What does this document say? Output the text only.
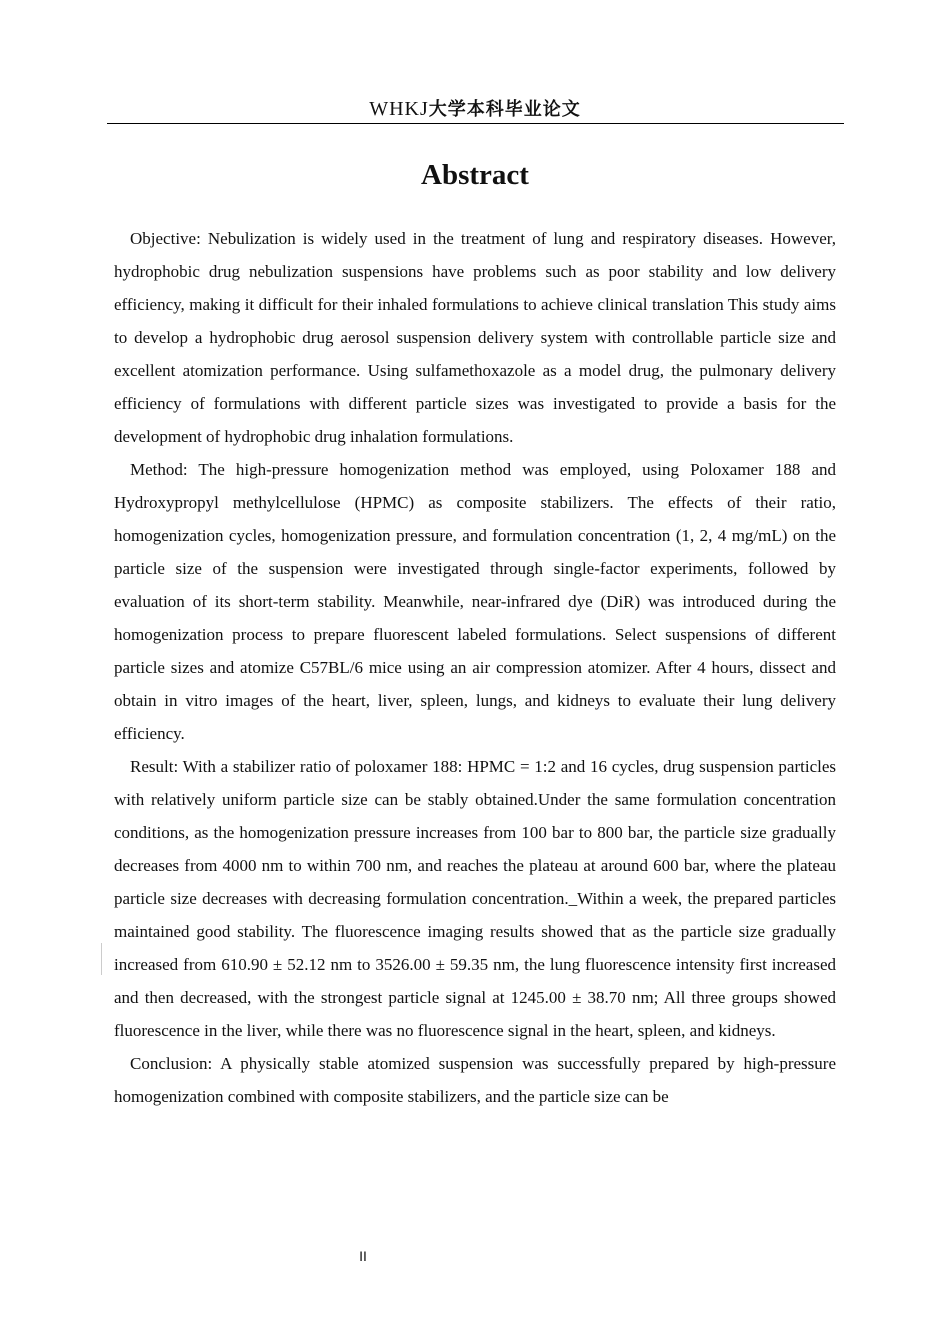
WHKJ大学本科毕业论文
Abstract

Objective: Nebulization is widely used in the treatment of lung and respiratory diseases. However, hydrophobic drug nebulization suspensions have problems such as poor stability and low delivery efficiency, making it difficult for their inhaled formulations to achieve clinical translation This study aims to develop a hydrophobic drug aerosol suspension delivery system with controllable particle size and excellent atomization performance. Using sulfamethoxazole as a model drug, the pulmonary delivery efficiency of formulations with different particle sizes was investigated to provide a basis for the development of hydrophobic drug inhalation formulations.

Method: The high-pressure homogenization method was employed, using Poloxamer 188 and Hydroxypropyl methylcellulose (HPMC) as composite stabilizers. The effects of their ratio, homogenization cycles, homogenization pressure, and formulation concentration (1, 2, 4 mg/mL) on the particle size of the suspension were investigated through single-factor experiments, followed by evaluation of its short-term stability. Meanwhile, near-infrared dye (DiR) was introduced during the homogenization process to prepare fluorescent labeled formulations. Select suspensions of different particle sizes and atomize C57BL/6 mice using an air compression atomizer. After 4 hours, dissect and obtain in vitro images of the heart, liver, spleen, lungs, and kidneys to evaluate their lung delivery efficiency.

Result: With a stabilizer ratio of poloxamer 188: HPMC = 1:2 and 16 cycles, drug suspension particles with relatively uniform particle size can be stably obtained.Under the same formulation concentration conditions, as the homogenization pressure increases from 100 bar to 800 bar, the particle size gradually decreases from 4000 nm to within 700 nm, and reaches the plateau at around 600 bar, where the plateau particle size decreases with decreasing formulation concentration._Within a week, the prepared particles maintained good stability. The fluorescence imaging results showed that as the particle size gradually increased from 610.90 ± 52.12 nm to 3526.00 ± 59.35 nm, the lung fluorescence intensity first increased and then decreased, with the strongest particle signal at 1245.00 ± 38.70 nm; All three groups showed fluorescence in the liver, while there was no fluorescence signal in the heart, spleen, and kidneys.

Conclusion: A physically stable atomized suspension was successfully prepared by high-pressure homogenization combined with composite stabilizers, and the particle size can be

II
